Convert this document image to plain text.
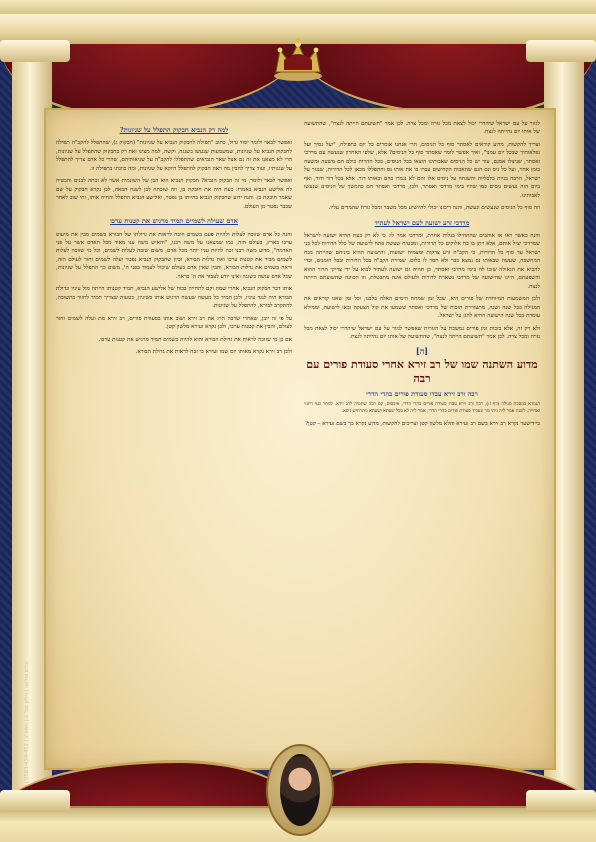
לגזור על עם ישראל שיהדרי יכול לצאת מכל גזרה ומכל צרה. לכן אמר "תשועתם הייתה לנצח", שהתשועה של אותו יום נהייתה לנצח.

וצריך להקשות, מדוע קוראים לאסתר סוף כל הניסים, הרי אנחנו אומרים כל יום בתפילה, "ועל נסיך ועל נפלאותיך שבכל יום עמנו", ואיך אפשר לומר שאסתר סוף כל הניסים? אלא, שלפי האחרון שנעשה עם מרדכי ואסתר, שניצלו אמנם, עוד יש כל הניסים שאבותינו הוצאו בכל הניסים, בכל ההרות כולם הם משעה ומשעה בזמן אחר, ועל כל ניס ונס הגם שהאבות הקדושים עברו בו את אותו נס והתפללו מכאן לכל הדורות, שנגזר על ישראל, הרבה בניות כלכליות והשגחה על ניסים אלו והם לא נגמרו בהם ובאותו דור. אלא בכל דור ודור, ואף ביום הזה נעשים ניסים כמו שהיו בימי מרדכי ואסתר, ולכן, מרדכי ואסתר הם כהמשך של הניסים שנעשו לאבותינו.

וזה סוף כל הניסים שנעשים ונעשה, והנה ריבונו יכולי להיושיע מכל משבר ומכל גזרה שהמדים עליו.

מרדכי זרע ישועה לעם ישראל לעתיד

והנה כאשר ראו אז אוהבים שהתחילו בגלות אחרת, ומרדכי אמר לו: כי לא רק בעת ההיא ישועה לישראל שמרדכי יציל אותם, אלא ויתן בו כח אלוקים כל הדורות, ומבטיח שעשה פתח לישועה של כלל הדורות לכל בני ישראל עד סוף כל הדורות, כי הקב"ה זרע צדקות ומצמיח ישועות, והישועה ההיא ביניהם שהייתה בכח המחשבה, שעשה שבאותו נס נמצא כבר ולא חסר לו כלום. שמירת הקב"ה בכל הדורות ובכל הזמנים, וכדי להביא את הגאולה שזכו לה בימי מרדכי ואסתר, כן תהיה גם ישועה לעתיד לבוא על ידי צדיקי הדור ההוא והשפעתם, היינו שהישועה של מרדכי נשארת לדורות ולעולם אינה מתבטלת, וזו הכוונה שתשועתם הייתה לנצח.

ולכן המשמעות המיוחדת של פורים היא, שכל זמן שמחת הימים האלה בלבנו, וכל זמן שאנו קוראים את המגילה בכל שנה ושנה, מתעוררת הזכות של מרדכי ואסתר ששמעו את קול הצעקה ובאו לישועה, וממילא עומדת בכל שנה הישועה ההיא להגן על ישראל.

ולא רק זה, אלא בזכות זמן פורים נמשכת על הגזרות שאפשר לגזור על עם ישראל שיהדרי יכול לצאת מכל גזרה ומכל צרה. לכן אמר "תשועתם הייתה לנצח", שהתשועה של אותו יום נהייתה לנצח.

[ה]
מדוע השתנה שמו של רב זירא אחרי סעודת פורים עם רבה
רבה ורב זירא עבדו סעודת פורים בהדי הדדי

הגמרא במסכת מגילה (דף ז:), רבה ורב זירא עבדו סעודת פורים בהדי הדדי, איבסום, קם רבה שחטיה לרב זירא. למחר בעי רחמי ואחייה. לשנה אמר ליה ניתי מר ונעביד סעודת פורים בהדי הדדי, אמר ליה לא בכל שעתא ושעתא מתרחיש ניסא.

ביידישער נקרא רב זירא בשם רב זעירא והלא מלשון קטן וצריכים להקשות, מדוע נקרא כך בשם זעירא – קטן?

למה רק הנביא חבקוק התפלל על שגיונות?

ואפשר לבאר ולומר יסוד גדול, כתוב "תפילה לחבקוק הנביא על שגיונות" (חבקוק ג), שהתפלל להקב"ה תפילה לחבקוק הנביא על שגיונות, שמשמעות שנעשו בשגגה, וקשה, למה מצינו זאת רק בחבקוק שהתפלל על שגיונות, הרי לא מצאנו את זה גם אצל שאר הנביאים שהתפללו להקב"ה על שגיאותיהם, שהרי כל אדם צריך להתפלל על שגגותיו, ועוד צריך להבין מה ראה חבקוק להתפלל דווקא על שגיונות, ומה כוונתו בתפילה זו.

ואפשר לבאר ולומר, מי זה חבקוק הנביא? חבקוק הנביא הוא הבן של השונמית אשר לא זכתה לבנים והבטיח לה אלישע הנביא באמרו: כעת חיה את חובקת בן, וזה שזכתה לבן לשנה הבאה, לכן נקרא חבקוק על שם שאמר חובקת בן. והנה ידוע שחבקוק הנביא בהיותו בן נפטר, ואלישע הנביא התפלל והחיה אותו, וחי שוב לאחר שכבר נפטר מן העולם.

אדם שעולה לשמיים תמיד מרגיש את קטנות ערכו

והנה כל אדם שזוכה לעלות ולהיות פעם בשמים וזוכה לראות את גדולתו של הבורא בשמים מבין את מיעוט ערכו בארץ, בעולם הזה, כמו שמצאנו על משה רבנו, "והאיש משה ענו מאוד מכל האדם אשר על פני האדמה", מדוע משה רבנו זכה להיות עניו יותר מכל אדם, משום שזכה לעלות לשמים, וכל מי שזוכה לעלות לשמים מכיר את קטנות ערכו ואת גדלות הבורא, וכיון שחבקוק הנביא נפטר ועלה לשמים וחזר לעולם הזה, וראה בשמים את גדלות הבורא, והבין שאין אדם בעולם שיכול לעמוד בפני ה', משום כך התפלל על שגיונות, שכל אדם עושה בשגגה ואינו יודע לעבוד את ה' כראוי.

אותו דבר חבקוק הנביא, אחרי שמת וקם לתחייה בכוח של אלישע הנביא, תמיד קטנותו הייתה מול עיניו וגדולת הבורא היה לנגד עיניו, ולכן תמיד כל מעשה שעשה הרגיש אותו כשיגיון, כטעות שצריך תמיד לחזור בתשובה, להתקרב לבורא, להתפלל על שגיונות.

על פי זה יובן, שאחרי שרבה הרג את רב זירא ושוב אותו בסעודת פורים, רב זירא מת ועלה לשמים וחזר לעולם, והבין את קטנות ערכו, ולכן נקרא זעירא מלשון קטן.

אם כן מי שזוכה לראות את גדולת הבורא והוא להיות בשמים תמיד מרגיש את קטנות ערכו.

ולכן רב זירא נקרא מאותו יום שמו זעירא כי זכה לראות את גדולת הבורא.

עולם ומלואו | גיליון מס' 2 | תשפ"ג | 0583-434-452 |
